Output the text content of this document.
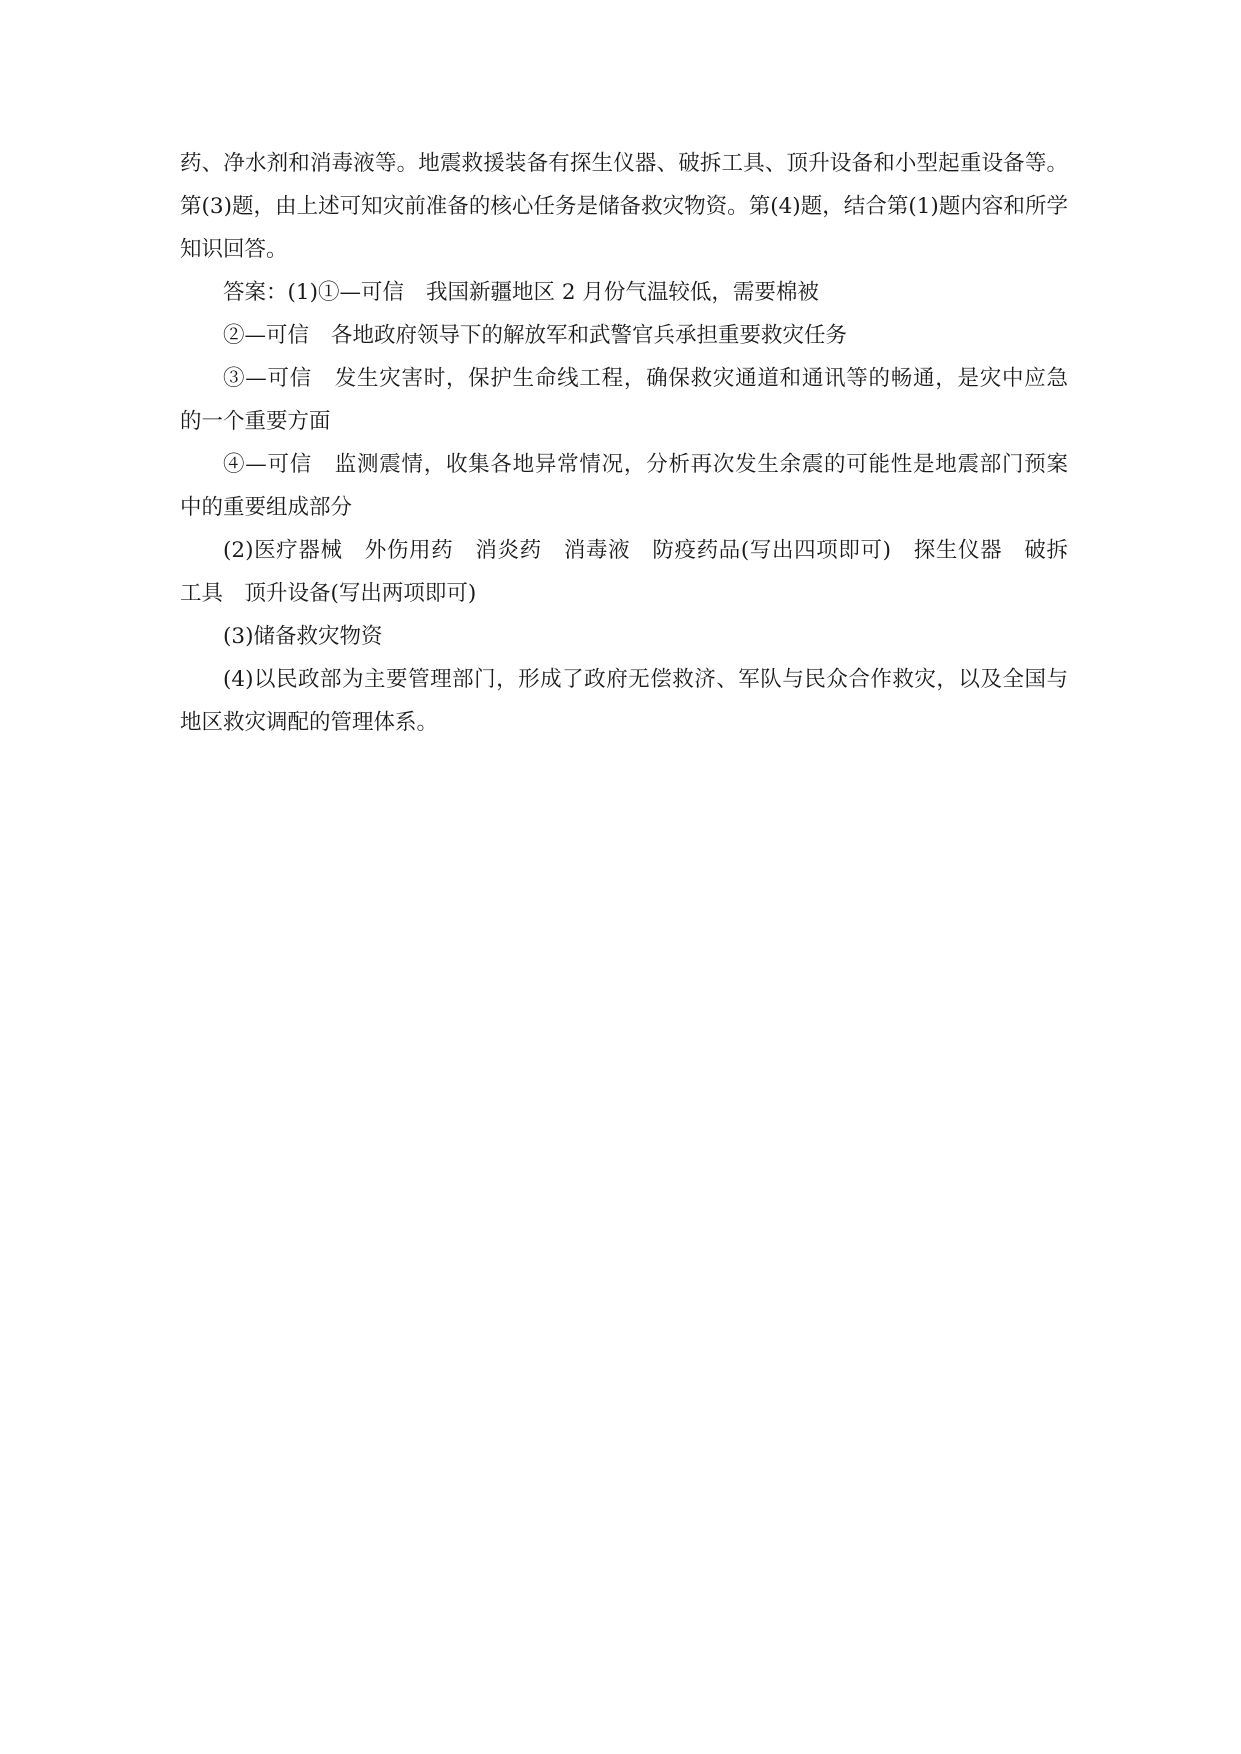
药、净水剂和消毒液等。地震救援装备有探生仪器、破拆工具、顶升设备和小型起重设备等。
第(3)题，由上述可知灾前准备的核心任务是储备救灾物资。第(4)题，结合第(1)题内容和所学
知识回答。
答案：(1)①—可信 我国新疆地区 2 月份气温较低，需要棉被
②—可信 各地政府领导下的解放军和武警官兵承担重要救灾任务
③—可信 发生灾害时，保护生命线工程，确保救灾通道和通讯等的畅通，是灾中应急
的一个重要方面
④—可信 监测震情，收集各地异常情况，分析再次发生余震的可能性是地震部门预案
中的重要组成部分
(2)医疗器械　外伤用药　消炎药　消毒液　防疫药品(写出四项即可)　探生仪器　破拆
工具　顶升设备(写出两项即可)
(3)储备救灾物资
(4)以民政部为主要管理部门，形成了政府无偿救济、军队与民众合作救灾，以及全国与
地区救灾调配的管理体系。
